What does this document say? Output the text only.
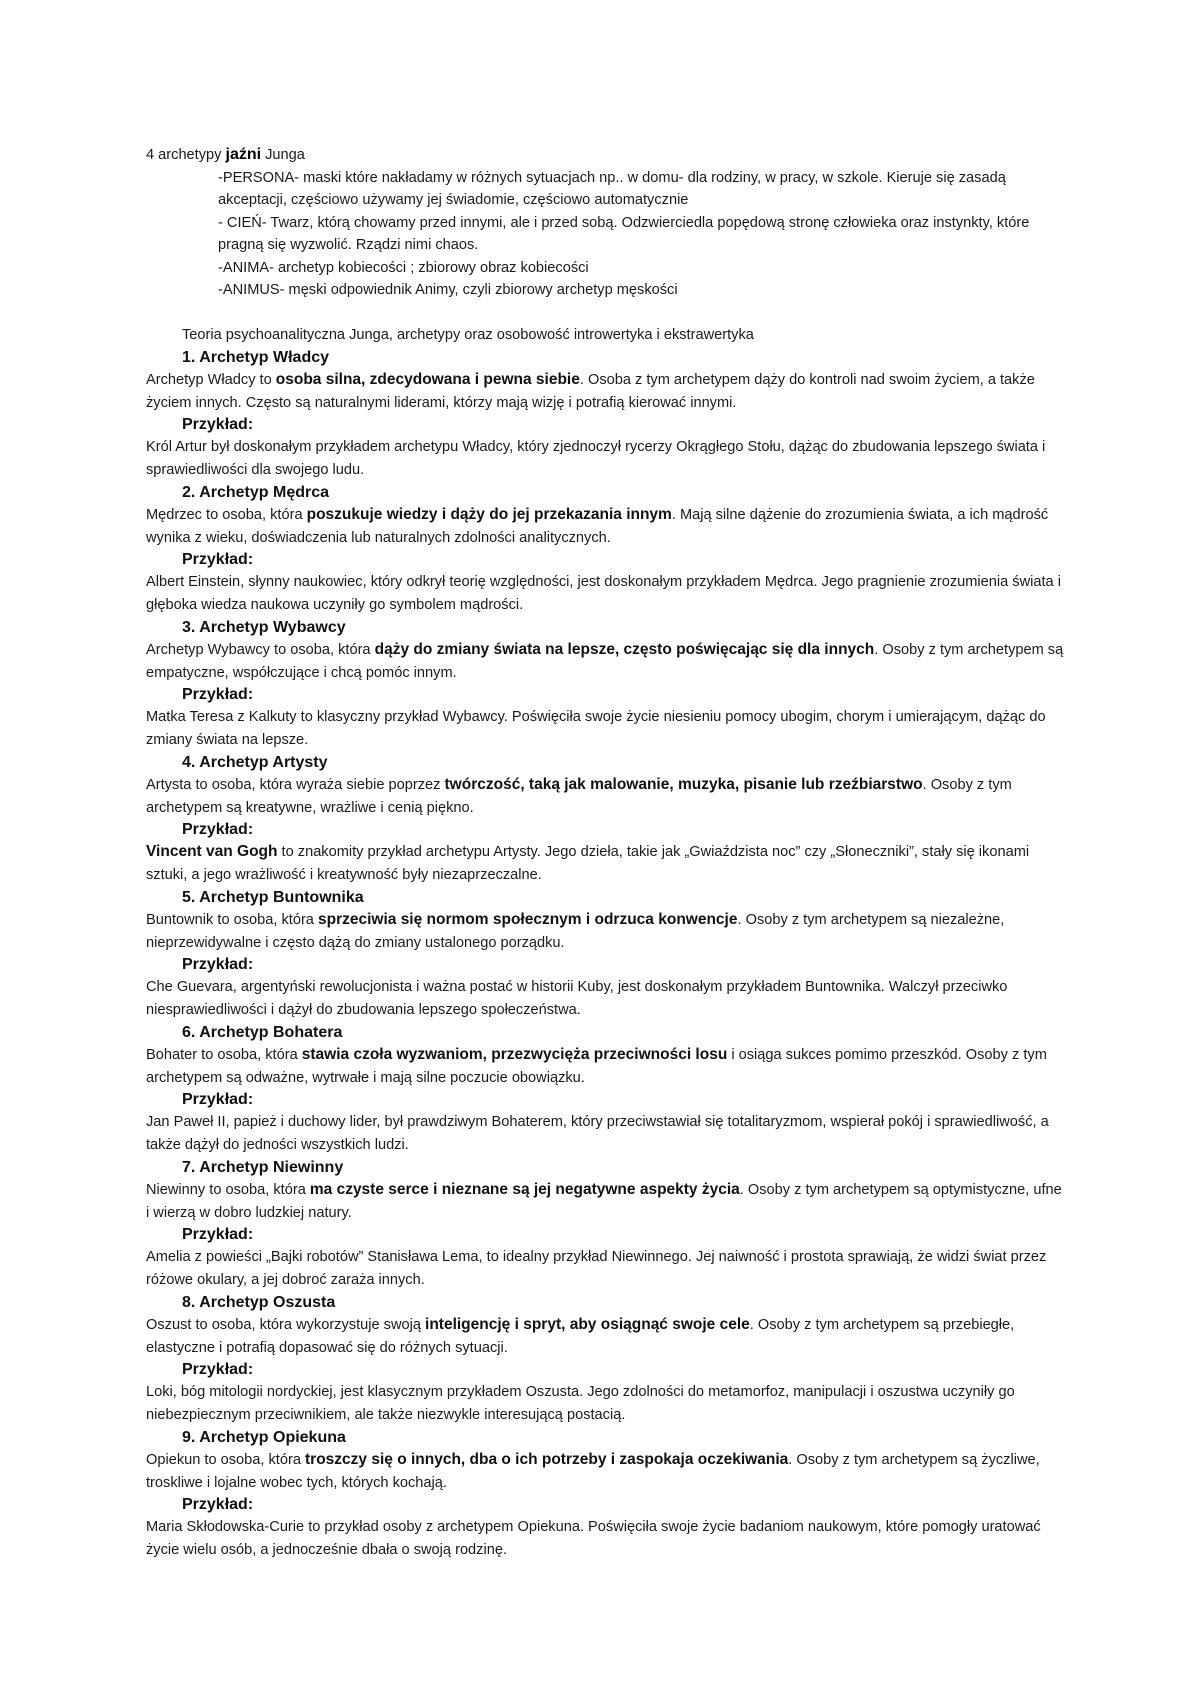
4 archetypy jaźni Junga

-PERSONA- maski które nakładamy w różnych sytuacjach np.. w domu- dla rodziny, w pracy, w szkole. Kieruje się zasadą akceptacji, częściowo używamy jej świadomie, częściowo automatycznie

- CIEŃ- Twarz, którą chowamy przed innymi, ale i przed sobą. Odzwierciedla popędową stronę człowieka oraz instynkty, które pragną się wyzwolić. Rządzi nimi chaos.

-ANIMA- archetyp kobiecości ; zbiorowy obraz kobiecości

-ANIMUS- męski odpowiednik Animy, czyli zbiorowy archetyp męskości

Teoria psychoanalityczna Junga, archetypy oraz osobowość introwertyka i ekstrawertyka

1. Archetyp Władcy

Archetyp Władcy to osoba silna, zdecydowana i pewna siebie. Osoba z tym archetypem dąży do kontroli nad swoim życiem, a także życiem innych. Często są naturalnymi liderami, którzy mają wizję i potrafią kierować innymi.

Przykład:

Król Artur był doskonałym przykładem archetypu Władcy, który zjednoczył rycerzy Okrągłego Stołu, dążąc do zbudowania lepszego świata i sprawiedliwości dla swojego ludu.

2. Archetyp Mędrca

Mędrzec to osoba, która poszukuje wiedzy i dąży do jej przekazania innym. Mają silne dążenie do zrozumienia świata, a ich mądrość wynika z wieku, doświadczenia lub naturalnych zdolności analitycznych.

Przykład:

Albert Einstein, słynny naukowiec, który odkrył teorię względności, jest doskonałym przykładem Mędrca. Jego pragnienie zrozumienia świata i głęboka wiedza naukowa uczyniły go symbolem mądrości.

3. Archetyp Wybawcy

Archetyp Wybawcy to osoba, która dąży do zmiany świata na lepsze, często poświęcając się dla innych. Osoby z tym archetypem są empatyczne, współczujące i chcą pomóc innym.

Przykład:

Matka Teresa z Kalkuty to klasyczny przykład Wybawcy. Poświęciła swoje życie niesieniu pomocy ubogim, chorym i umierającym, dążąc do zmiany świata na lepsze.

4. Archetyp Artysty

Artysta to osoba, która wyraża siebie poprzez twórczość, taką jak malowanie, muzyka, pisanie lub rzeźbiarstwo. Osoby z tym archetypem są kreatywne, wrażliwe i cenią piękno.

Przykład:

Vincent van Gogh to znakomity przykład archetypu Artysty. Jego dzieła, takie jak „Gwiaździsta noc” czy „Słoneczniki”, stały się ikonami sztuki, a jego wrażliwość i kreatywność były niezaprzeczalne.

5. Archetyp Buntownika

Buntownik to osoba, która sprzeciwia się normom społecznym i odrzuca konwencje. Osoby z tym archetypem są niezależne, nieprzewidywalne i często dążą do zmiany ustalonego porządku.

Przykład:

Che Guevara, argentyński rewolucjonista i ważna postać w historii Kuby, jest doskonałym przykładem Buntownika. Walczył przeciwko niesprawiedliwości i dążył do zbudowania lepszego społeczeństwa.

6. Archetyp Bohatera

Bohater to osoba, która stawia czoła wyzwaniom, przezwycięża przeciwności losu i osiąga sukces pomimo przeszkód. Osoby z tym archetypem są odważne, wytrwałe i mają silne poczucie obowiązku.

Przykład:

Jan Paweł II, papież i duchowy lider, był prawdziwym Bohaterem, który przeciwstawiał się totalitaryzmom, wspierał pokój i sprawiedliwość, a także dążył do jedności wszystkich ludzi.

7. Archetyp Niewinny

Niewinny to osoba, która ma czyste serce i nieznane są jej negatywne aspekty życia. Osoby z tym archetypem są optymistyczne, ufne i wierzą w dobro ludzkiej natury.

Przykład:

Amelia z powieści „Bajki robotów” Stanisława Lema, to idealny przykład Niewinnego. Jej naiwność i prostota sprawiają, że widzi świat przez różowe okulary, a jej dobroć zaraża innych.

8. Archetyp Oszusta

Oszust to osoba, która wykorzystuje swoją inteligencję i spryt, aby osiągnąć swoje cele. Osoby z tym archetypem są przebiegłe, elastyczne i potrafią dopasować się do różnych sytuacji.

Przykład:

Loki, bóg mitologii nordyckiej, jest klasycznym przykładem Oszusta. Jego zdolności do metamorfoz, manipulacji i oszustwa uczyniły go niebezpiecznym przeciwnikiem, ale także niezwykle interesującą postacią.

9. Archetyp Opiekuna

Opiekun to osoba, która troszczy się o innych, dba o ich potrzeby i zaspokaja oczekiwania. Osoby z tym archetypem są życzliwe, troskliwe i lojalne wobec tych, których kochają.

Przykład:

Maria Skłodowska-Curie to przykład osoby z archetypem Opiekuna. Poświęciła swoje życie badaniom naukowym, które pomogły uratować życie wielu osób, a jednocześnie dbała o swoją rodzinę.
